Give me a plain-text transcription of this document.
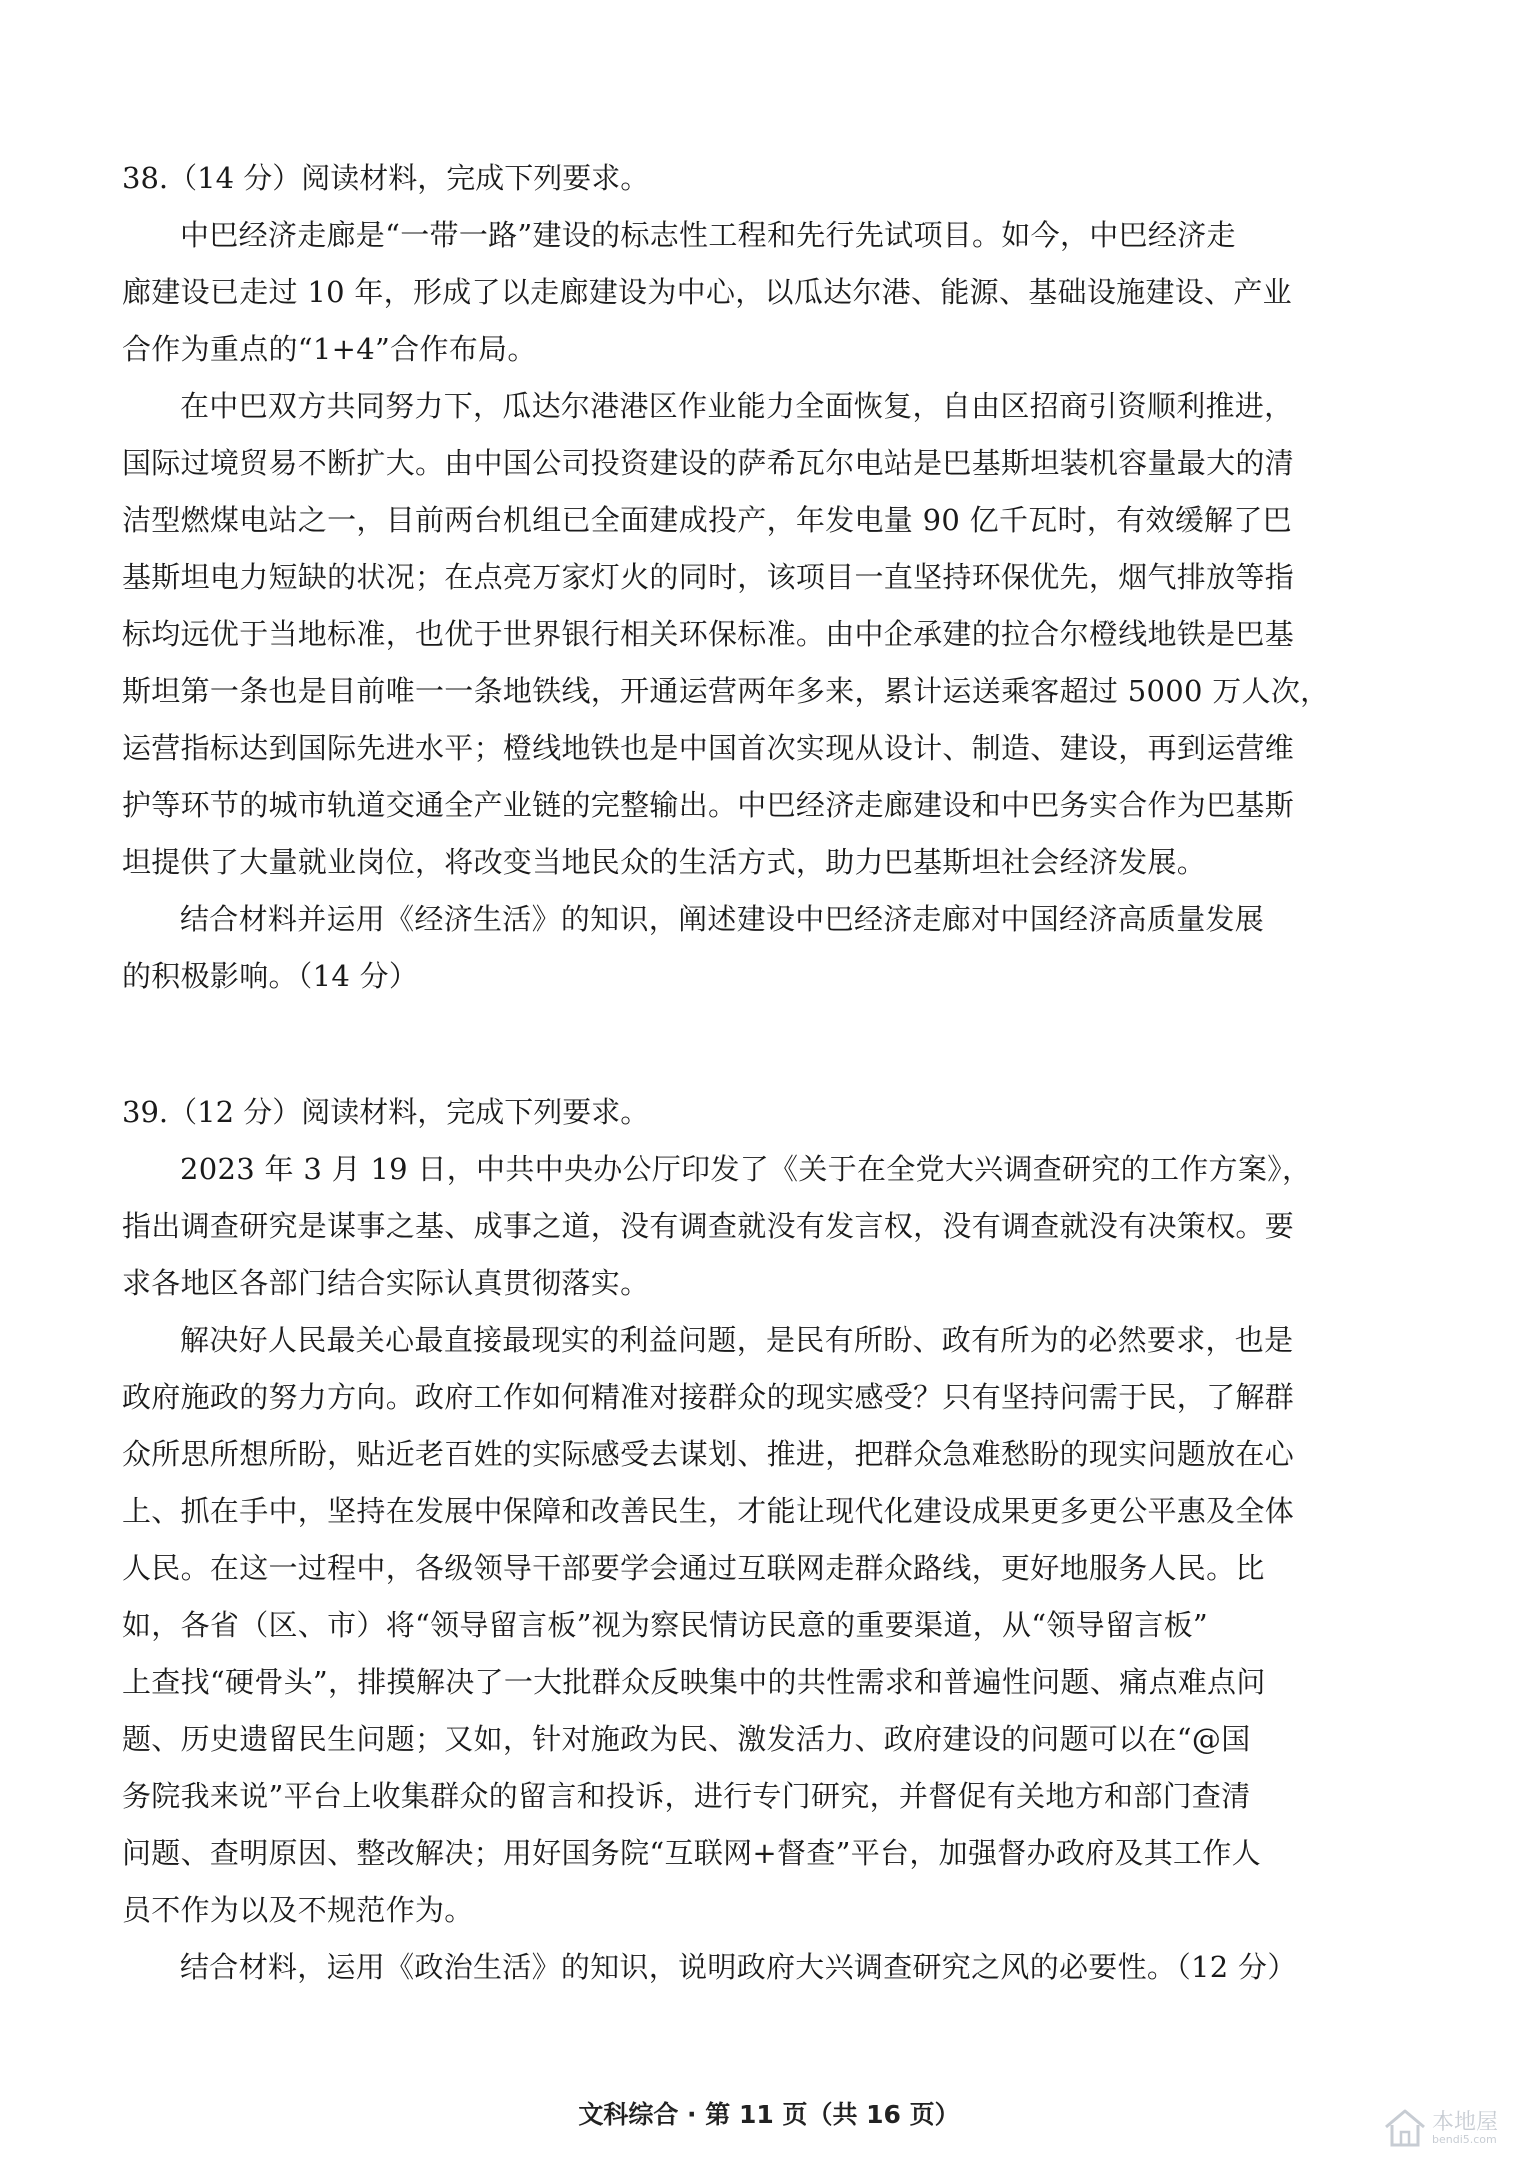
38.（14 分）阅读材料，完成下列要求。
中巴经济走廊是“一带一路”建设的标志性工程和先行先试项目。如今，中巴经济走
廊建设已走过 10 年，形成了以走廊建设为中心，以瓜达尔港、能源、基础设施建设、产业
合作为重点的“1+4”合作布局。
在中巴双方共同努力下，瓜达尔港港区作业能力全面恢复，自由区招商引资顺利推进，
国际过境贸易不断扩大。由中国公司投资建设的萨希瓦尔电站是巴基斯坦装机容量最大的清
洁型燃煤电站之一，目前两台机组已全面建成投产，年发电量 90 亿千瓦时，有效缓解了巴
基斯坦电力短缺的状况；在点亮万家灯火的同时，该项目一直坚持环保优先，烟气排放等指
标均远优于当地标准，也优于世界银行相关环保标准。由中企承建的拉合尔橙线地铁是巴基
斯坦第一条也是目前唯一一条地铁线，开通运营两年多来，累计运送乘客超过 5000 万人次，
运营指标达到国际先进水平；橙线地铁也是中国首次实现从设计、制造、建设，再到运营维
护等环节的城市轨道交通全产业链的完整输出。中巴经济走廊建设和中巴务实合作为巴基斯
坦提供了大量就业岗位，将改变当地民众的生活方式，助力巴基斯坦社会经济发展。
结合材料并运用《经济生活》的知识，阐述建设中巴经济走廊对中国经济高质量发展
的积极影响。（14 分）
39.（12 分）阅读材料，完成下列要求。
2023 年 3 月 19 日，中共中央办公厅印发了《关于在全党大兴调查研究的工作方案》，
指出调查研究是谋事之基、成事之道，没有调查就没有发言权，没有调查就没有决策权。要
求各地区各部门结合实际认真贯彻落实。
解决好人民最关心最直接最现实的利益问题，是民有所盼、政有所为的必然要求，也是
政府施政的努力方向。政府工作如何精准对接群众的现实感受？只有坚持问需于民，了解群
众所思所想所盼，贴近老百姓的实际感受去谋划、推进，把群众急难愁盼的现实问题放在心
上、抓在手中，坚持在发展中保障和改善民生，才能让现代化建设成果更多更公平惠及全体
人民。在这一过程中，各级领导干部要学会通过互联网走群众路线，更好地服务人民。比
如，各省（区、市）将“领导留言板”视为察民情访民意的重要渠道，从“领导留言板”
上查找“硬骨头”，排摸解决了一大批群众反映集中的共性需求和普遍性问题、痛点难点问
题、历史遗留民生问题；又如，针对施政为民、激发活力、政府建设的问题可以在“@国
务院我来说”平台上收集群众的留言和投诉，进行专门研究，并督促有关地方和部门查清
问题、查明原因、整改解决；用好国务院“互联网+督查”平台，加强督办政府及其工作人
员不作为以及不规范作为。
结合材料，运用《政治生活》的知识，说明政府大兴调查研究之风的必要性。（12 分）
文科综合 · 第 11 页（共 16 页）	本地屋
bendi5.com
